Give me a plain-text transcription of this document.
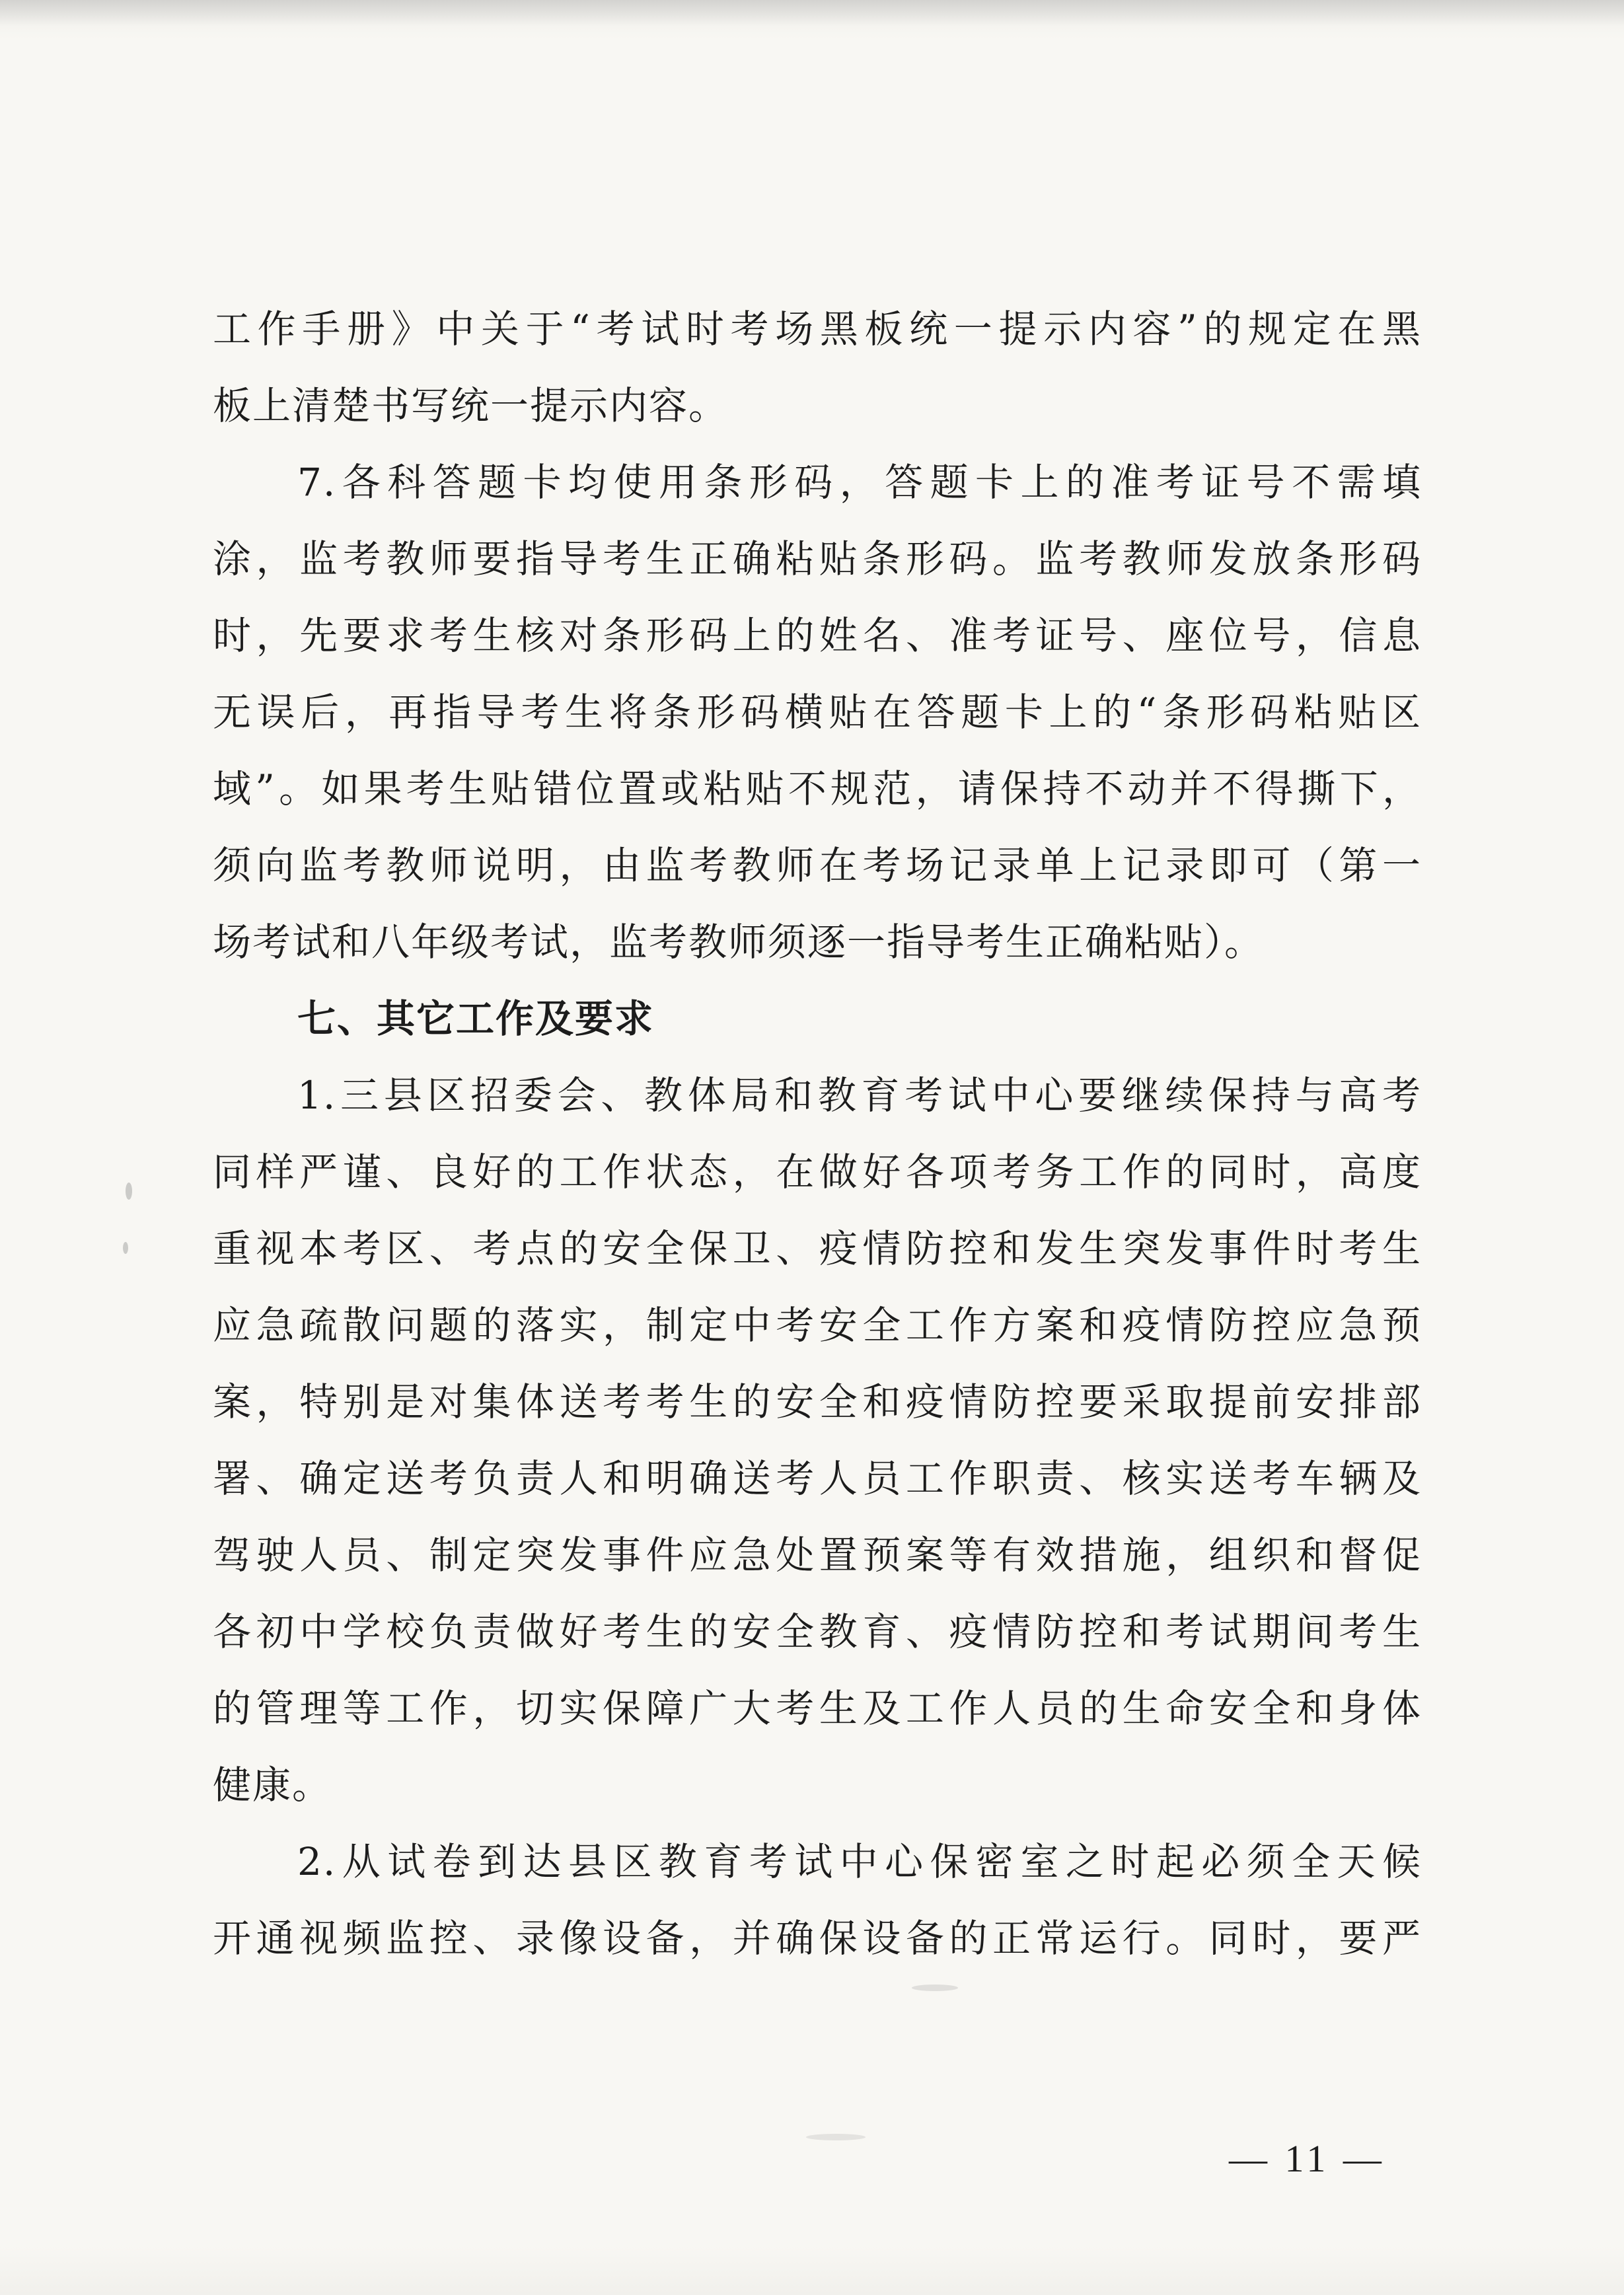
工作手册》中关于“考试时考场黑板统一提示内容”的规定在黑
板上清楚书写统一提示内容。
7.各科答题卡均使用条形码，答题卡上的准考证号不需填
涂，监考教师要指导考生正确粘贴条形码。监考教师发放条形码
时，先要求考生核对条形码上的姓名、准考证号、座位号，信息
无误后，再指导考生将条形码横贴在答题卡上的“条形码粘贴区
域”。如果考生贴错位置或粘贴不规范，请保持不动并不得撕下，
须向监考教师说明，由监考教师在考场记录单上记录即可（第一
场考试和八年级考试，监考教师须逐一指导考生正确粘贴）。
七、其它工作及要求
1.三县区招委会、教体局和教育考试中心要继续保持与高考
同样严谨、良好的工作状态，在做好各项考务工作的同时，高度
重视本考区、考点的安全保卫、疫情防控和发生突发事件时考生
应急疏散问题的落实，制定中考安全工作方案和疫情防控应急预
案，特别是对集体送考考生的安全和疫情防控要采取提前安排部
署、确定送考负责人和明确送考人员工作职责、核实送考车辆及
驾驶人员、制定突发事件应急处置预案等有效措施，组织和督促
各初中学校负责做好考生的安全教育、疫情防控和考试期间考生
的管理等工作，切实保障广大考生及工作人员的生命安全和身体
健康。
2.从试卷到达县区教育考试中心保密室之时起必须全天候
开通视频监控、录像设备，并确保设备的正常运行。同时，要严
— 11 —
